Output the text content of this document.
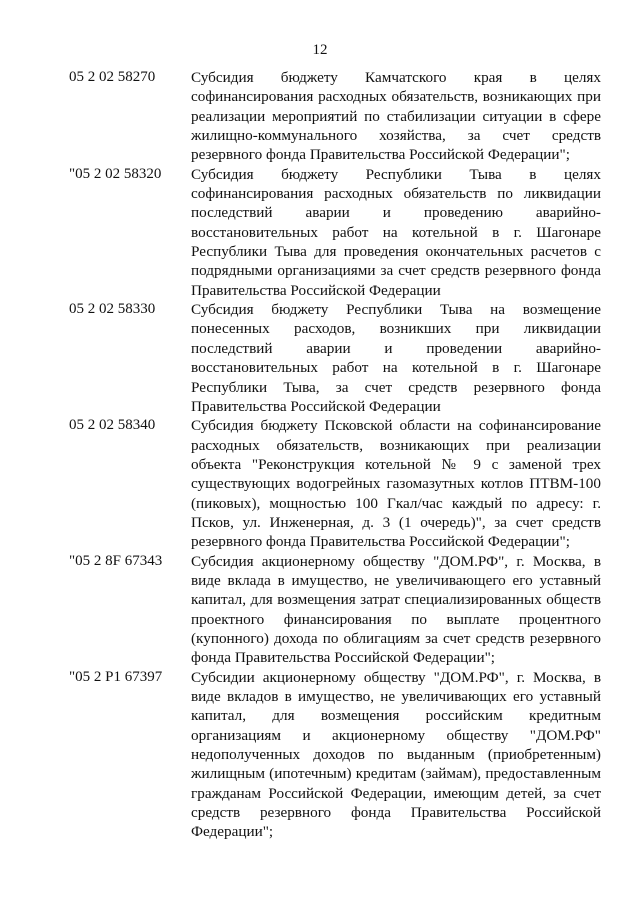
12
05 2 02 58270	Субсидия бюджету Камчатского края в целях софинансирования расходных обязательств, возникающих при реализации мероприятий по стабилизации ситуации в сфере жилищно-коммунального хозяйства, за счет средств резервного фонда Правительства Российской Федерации";
"05 2 02 58320	Субсидия бюджету Республики Тыва в целях софинансирования расходных обязательств по ликвидации последствий аварии и проведению аварийно-восстановительных работ на котельной в г. Шагонаре Республики Тыва для проведения окончательных расчетов с подрядными организациями за счет средств резервного фонда Правительства Российской Федерации
05 2 02 58330	Субсидия бюджету Республики Тыва на возмещение понесенных расходов, возникших при ликвидации последствий аварии и проведении аварийно-восстановительных работ на котельной в г. Шагонаре Республики Тыва, за счет средств резервного фонда Правительства Российской Федерации
05 2 02 58340	Субсидия бюджету Псковской области на софинансирование расходных обязательств, возникающих при реализации объекта "Реконструкция котельной № 9 с заменой трех существующих водогрейных газомазутных котлов ПТВМ-100 (пиковых), мощностью 100 Гкал/час каждый по адресу: г. Псков, ул. Инженерная, д. 3 (1 очередь)", за счет средств резервного фонда Правительства Российской Федерации";
"05 2 8F 67343	Субсидия акционерному обществу "ДОМ.РФ", г. Москва, в виде вклада в имущество, не увеличивающего его уставный капитал, для возмещения затрат специализированных обществ проектного финансирования по выплате процентного (купонного) дохода по облигациям за счет средств резервного фонда Правительства Российской Федерации";
"05 2 P1 67397	Субсидии акционерному обществу "ДОМ.РФ", г. Москва, в виде вкладов в имущество, не увеличивающих его уставный капитал, для возмещения российским кредитным организациям и акционерному обществу "ДОМ.РФ" недополученных доходов по выданным (приобретенным) жилищным (ипотечным) кредитам (займам), предоставленным гражданам Российской Федерации, имеющим детей, за счет средств резервного фонда Правительства Российской Федерации";
